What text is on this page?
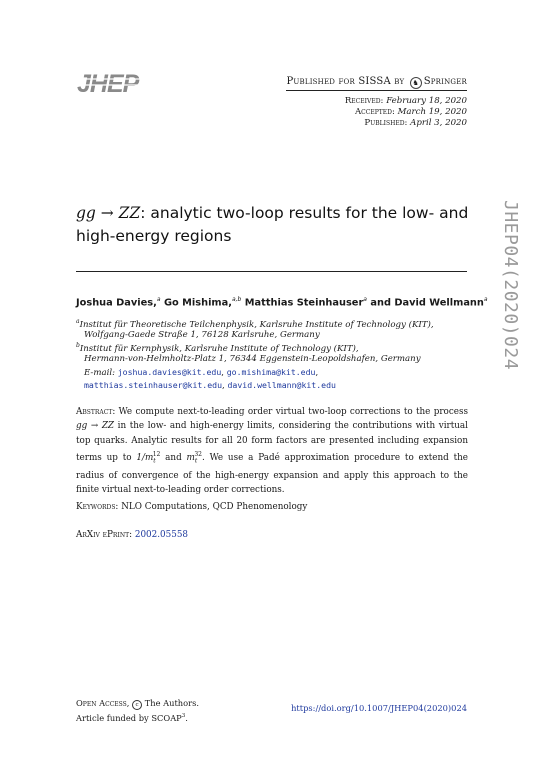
JHEP	Published for SISSA by ♞ Springer
Received: February 18, 2020
Accepted: March 19, 2020
Published: April 3, 2020
JHEP04(2020)024
gg → ZZ: analytic two-loop results for the low- and
high-energy regions
Joshua Davies,$^a$ Go Mishima,$^{a,b}$ Matthias Steinhauser$^a$ and David Wellmann$^a$
$^a$Institut für Theoretische Teilchenphysik, Karlsruhe Institute of Technology (KIT),
Wolfgang-Gaede Straße 1, 76128 Karlsruhe, Germany
$^b$Institut für Kernphysik, Karlsruhe Institute of Technology (KIT),
Hermann-von-Helmholtz-Platz 1, 76344 Eggenstein-Leopoldshafen, Germany
E-mail: joshua.davies@kit.edu, go.mishima@kit.edu,
matthias.steinhauser@kit.edu, david.wellmann@kit.edu
Abstract: We compute next-to-leading order virtual two-loop corrections to the process gg → ZZ in the low- and high-energy limits, considering the contributions with virtual top quarks. Analytic results for all 20 form factors are presented including expansion terms up to $1/m_t^{12}$ and $m_t^{32}$. We use a Padé approximation procedure to extend the radius of convergence of the high-energy expansion and apply this approach to the finite virtual next-to-leading order corrections.
Keywords: NLO Computations, QCD Phenomenology
ArXiv ePrint: 2002.05558
Open Access, c The Authors.
Article funded by SCOAP$^3$.
https://doi.org/10.1007/JHEP04(2020)024
